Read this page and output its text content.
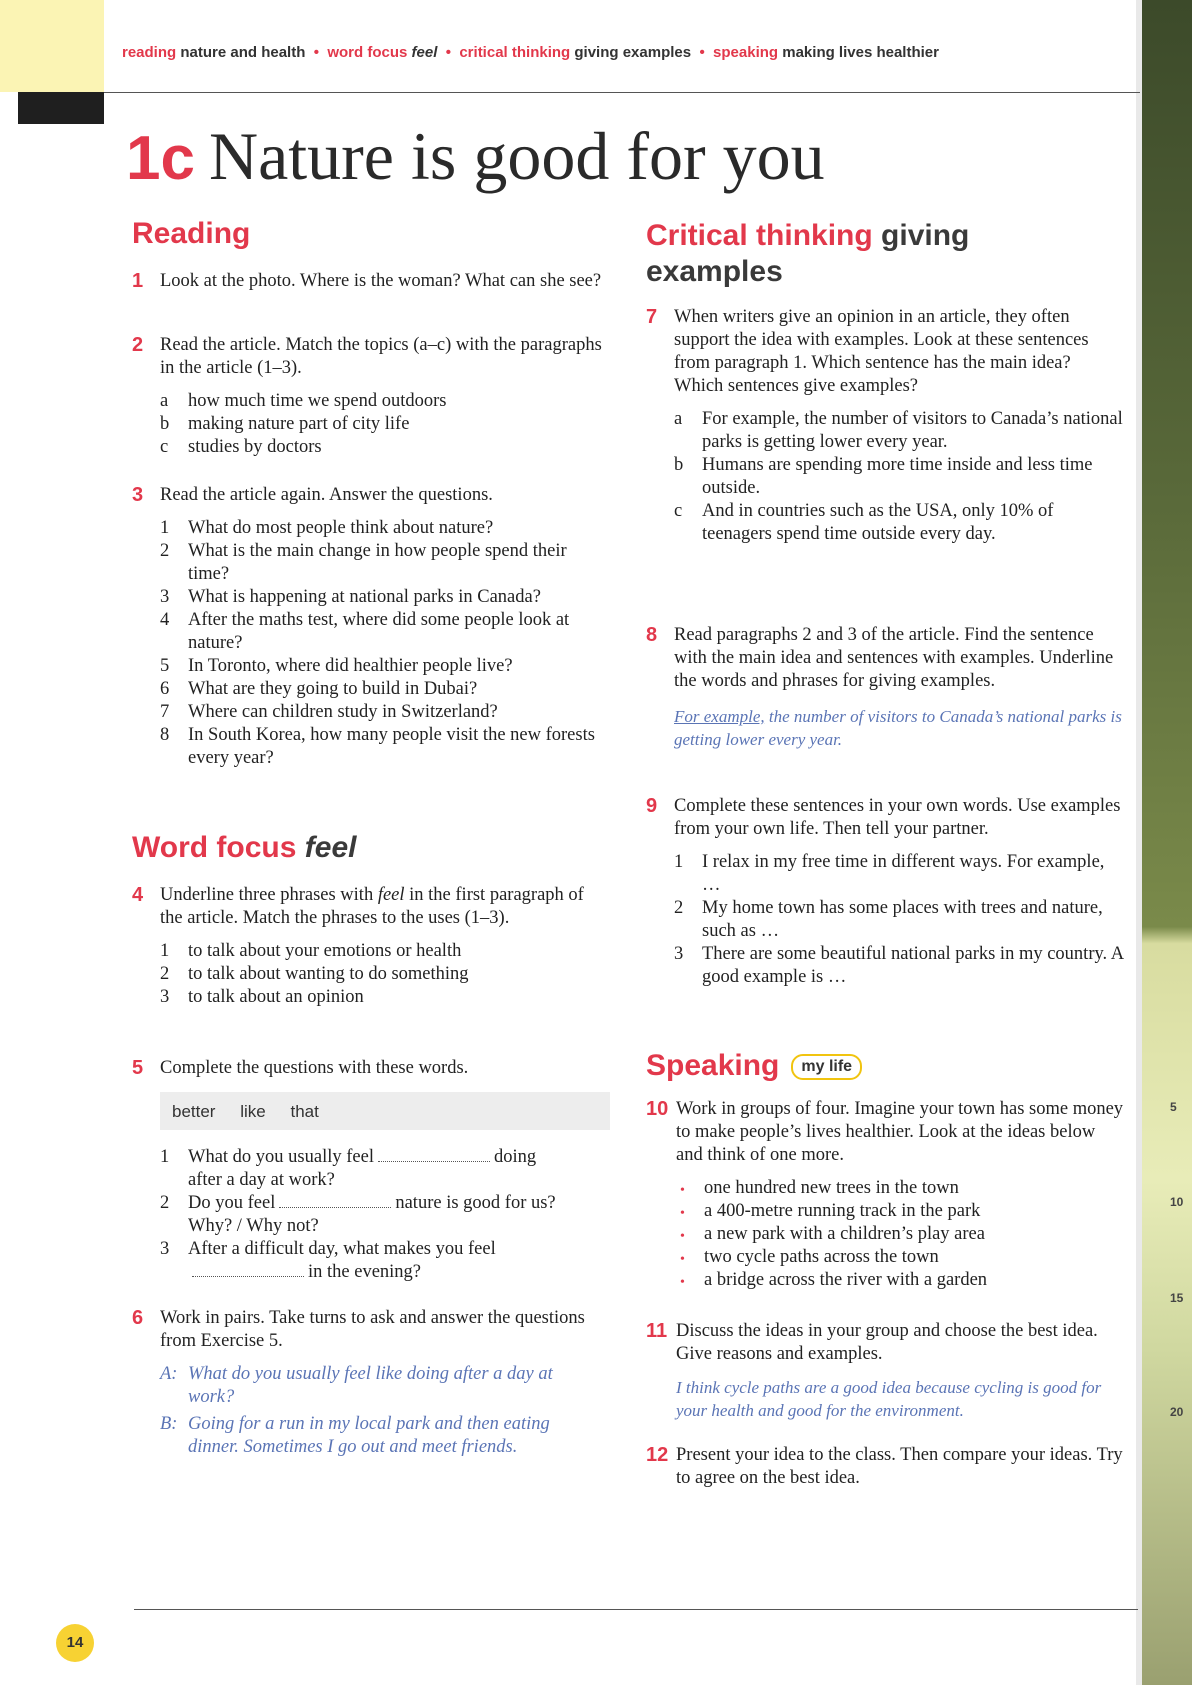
5
10
15
20
reading nature and health • word focus feel • critical thinking giving examples • speaking making lives healthier
1c Nature is good for you
Reading
1 Look at the photo. Where is the woman? What can she see?
2 Read the article. Match the topics (a–c) with the paragraphs in the article (1–3).
a how much time we spend outdoors
b making nature part of city life
c studies by doctors
3 Read the article again. Answer the questions.
1 What do most people think about nature?
2 What is the main change in how people spend their time?
3 What is happening at national parks in Canada?
4 After the maths test, where did some people look at nature?
5 In Toronto, where did healthier people live?
6 What are they going to build in Dubai?
7 Where can children study in Switzerland?
8 In South Korea, how many people visit the new forests every year?
Word focus feel
4 Underline three phrases with feel in the first paragraph of the article. Match the phrases to the uses (1–3).
1 to talk about your emotions or health
2 to talk about wanting to do something
3 to talk about an opinion
5 Complete the questions with these words.
better like that
1 What do you usually feel	doing
after a day at work?
2 Do you feel	nature is good for us?
Why? / Why not?
3 After a difficult day, what makes you feel
in the evening?
6 Work in pairs. Take turns to ask and answer the questions from Exercise 5.
A: What do you usually feel like doing after a day at work?
B: Going for a run in my local park and then eating dinner. Sometimes I go out and meet friends.
Critical thinking giving examples
7 When writers give an opinion in an article, they often support the idea with examples. Look at these sentences from paragraph 1. Which sentence has the main idea? Which sentences give examples?
a For example, the number of visitors to Canada’s national parks is getting lower every year.
b Humans are spending more time inside and less time outside.
c And in countries such as the USA, only 10% of teenagers spend time outside every day.
8 Read paragraphs 2 and 3 of the article. Find the sentence with the main idea and sentences with examples. Underline the words and phrases for giving examples.
For example, the number of visitors to Canada’s national parks is getting lower every year.
9 Complete these sentences in your own words. Use examples from your own life. Then tell your partner.
1 I relax in my free time in different ways. For example, …
2 My home town has some places with trees and nature, such as …
3 There are some beautiful national parks in my country. A good example is …
Speaking my life
10 Work in groups of four. Imagine your town has some money to make people’s lives healthier. Look at the ideas below and think of one more.
• one hundred new trees in the town
• a 400-metre running track in the park
• a new park with a children’s play area
• two cycle paths across the town
• a bridge across the river with a garden
11 Discuss the ideas in your group and choose the best idea. Give reasons and examples.
I think cycle paths are a good idea because cycling is good for your health and good for the environment.
12 Present your idea to the class. Then compare your ideas. Try to agree on the best idea.
14
